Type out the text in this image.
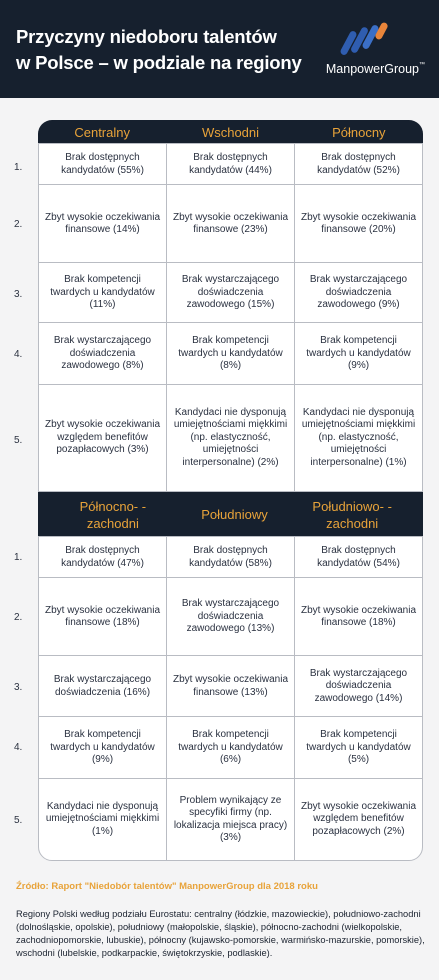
Przyczyny niedoboru talentów
w Polsce – w podziale na regiony ManpowerGroup™
Centralny	Wschodni	Północny
1.
Brak dostępnych kandydatów (55%)
Brak dostępnych kandydatów (44%)
Brak dostępnych kandydatów (52%)
2.
Zbyt wysokie oczekiwania finansowe (14%)
Zbyt wysokie oczekiwania finansowe (23%)
Zbyt wysokie oczekiwania finansowe (20%)
3.
Brak kompetencji twardych u kandydatów (11%)
Brak wystarczającego doświadczenia zawodowego (15%)
Brak wystarczającego doświadczenia zawodowego (9%)
4.
Brak wystarczającego doświadczenia zawodowego (8%)
Brak kompetencji twardych u kandydatów (8%)
Brak kompetencji twardych u kandydatów (9%)
5.
Zbyt wysokie oczekiwania względem benefitów pozapłacowych (3%)
Kandydaci nie dysponują umiejętnościami miękkimi (np. elastyczność, umiejętności interpersonalne) (2%)
Kandydaci nie dysponują umiejętnościami miękkimi (np. elastyczność, umiejętności interpersonalne) (1%)
Północno- -zachodni
Południowy
Południowo- -zachodni
1.
Brak dostępnych kandydatów (47%)
Brak dostępnych kandydatów (58%)
Brak dostępnych kandydatów (54%)
2.
Zbyt wysokie oczekiwania finansowe (18%)
Brak wystarczającego doświadczenia zawodowego (13%)
Zbyt wysokie oczekiwania finansowe (18%)
3.
Brak wystarczającego doświadczenia (16%)
Zbyt wysokie oczekiwania finansowe (13%)
Brak wystarczającego doświadczenia zawodowego (14%)
4.
Brak kompetencji twardych u kandydatów (9%)
Brak kompetencji twardych u kandydatów (6%)
Brak kompetencji twardych u kandydatów (5%)
5.
Kandydaci nie dysponują umiejętnościami miękkimi (1%)
Problem wynikający ze specyfiki firmy (np. lokalizacja miejsca pracy) (3%)
Zbyt wysokie oczekiwania względem benefitów pozapłacowych (2%)
Źródło: Raport "Niedobór talentów" ManpowerGroup dla 2018 roku
Regiony Polski według podziału Eurostatu: centralny (łódzkie, mazowieckie), południowo-zachodni (dolnośląskie, opolskie), południowy (małopolskie, śląskie), północno-zachodni (wielkopolskie, zachodniopomorskie, lubuskie), północny (kujawsko-pomorskie, warmińsko-mazurskie, pomorskie), wschodni (lubelskie, podkarpackie, świętokrzyskie, podlaskie).
